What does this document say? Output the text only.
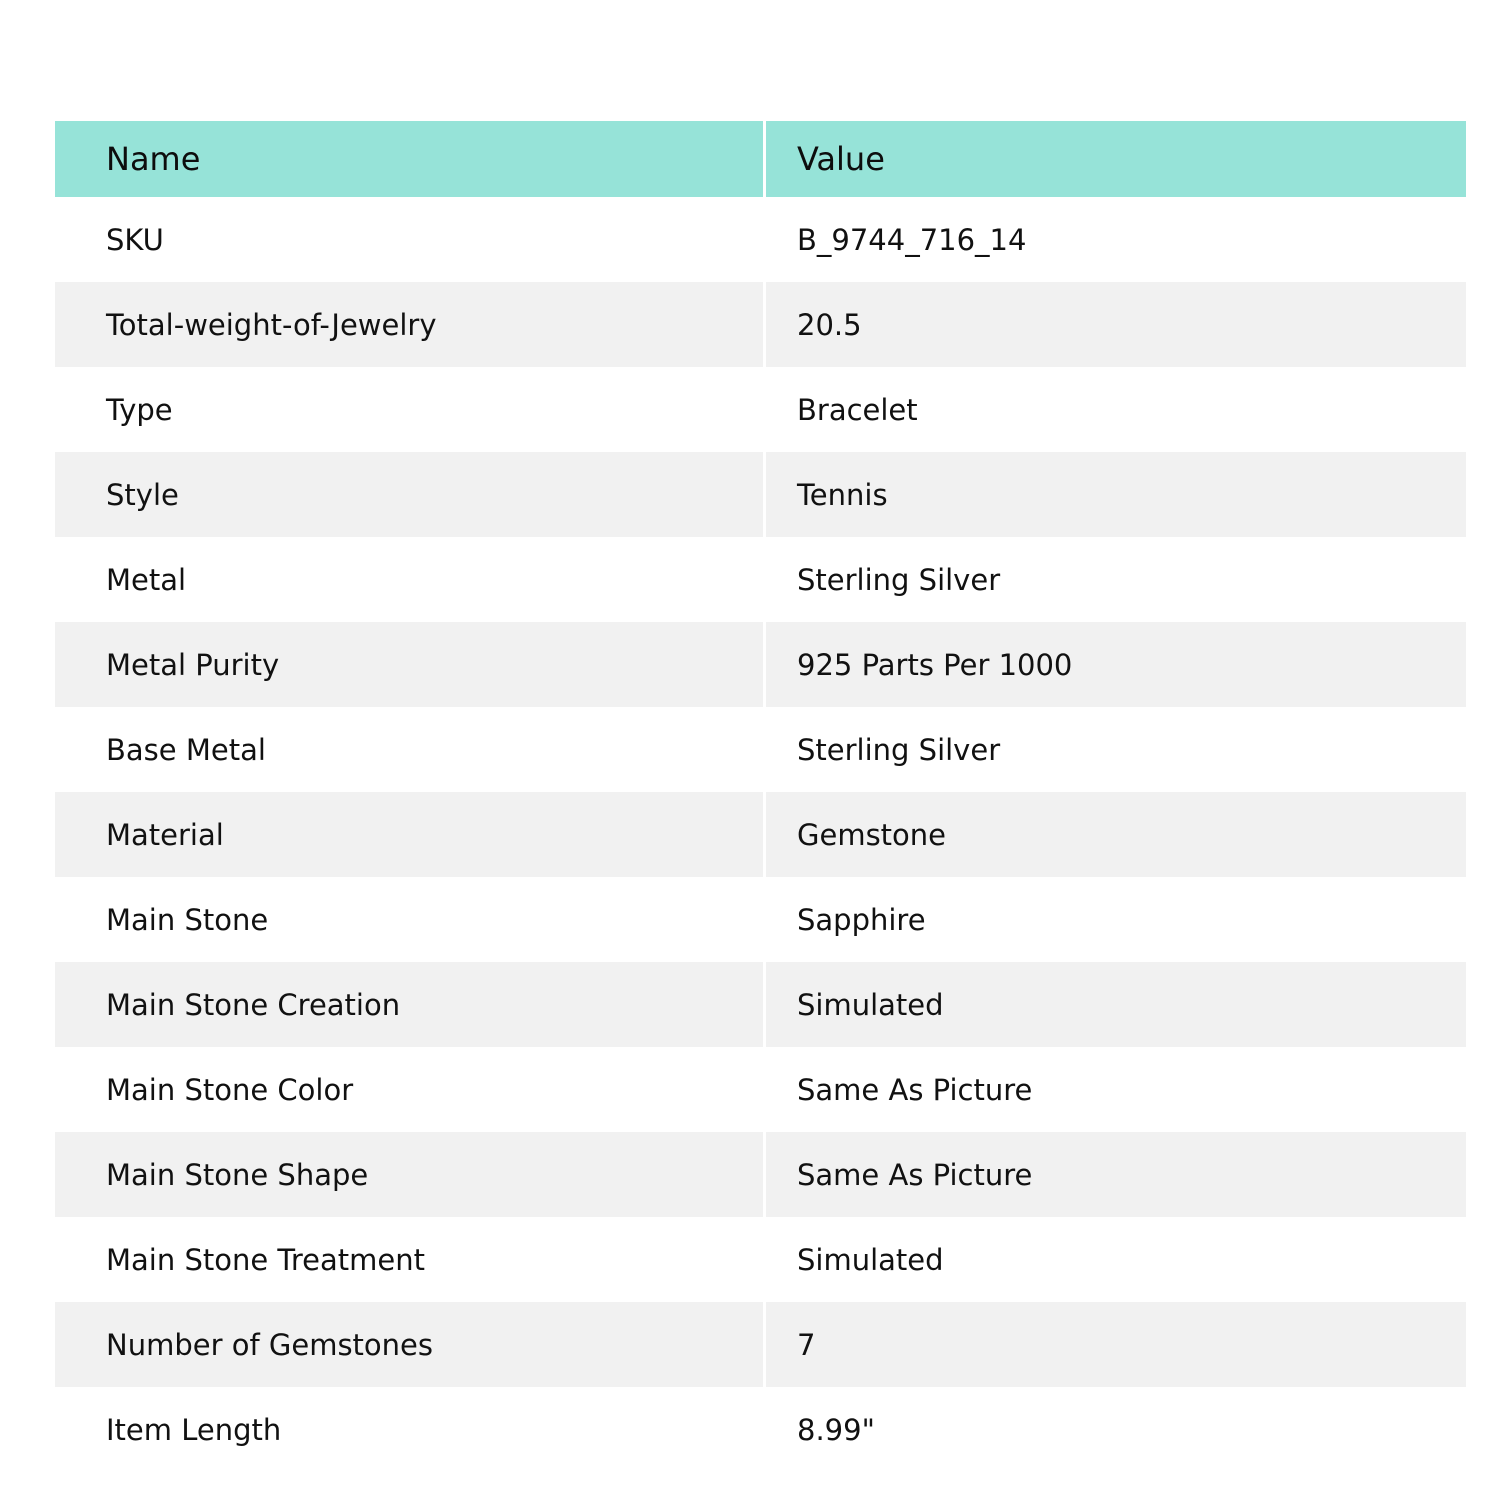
Name	Value
SKU	B_9744_716_14
Total-weight-of-Jewelry	20.5
Type	Bracelet
Style	Tennis
Metal	Sterling Silver
Metal Purity	925 Parts Per 1000
Base Metal	Sterling Silver
Material	Gemstone
Main Stone	Sapphire
Main Stone Creation	Simulated
Main Stone Color	Same As Picture
Main Stone Shape	Same As Picture
Main Stone Treatment	Simulated
Number of Gemstones	7
Item Length	8.99"
